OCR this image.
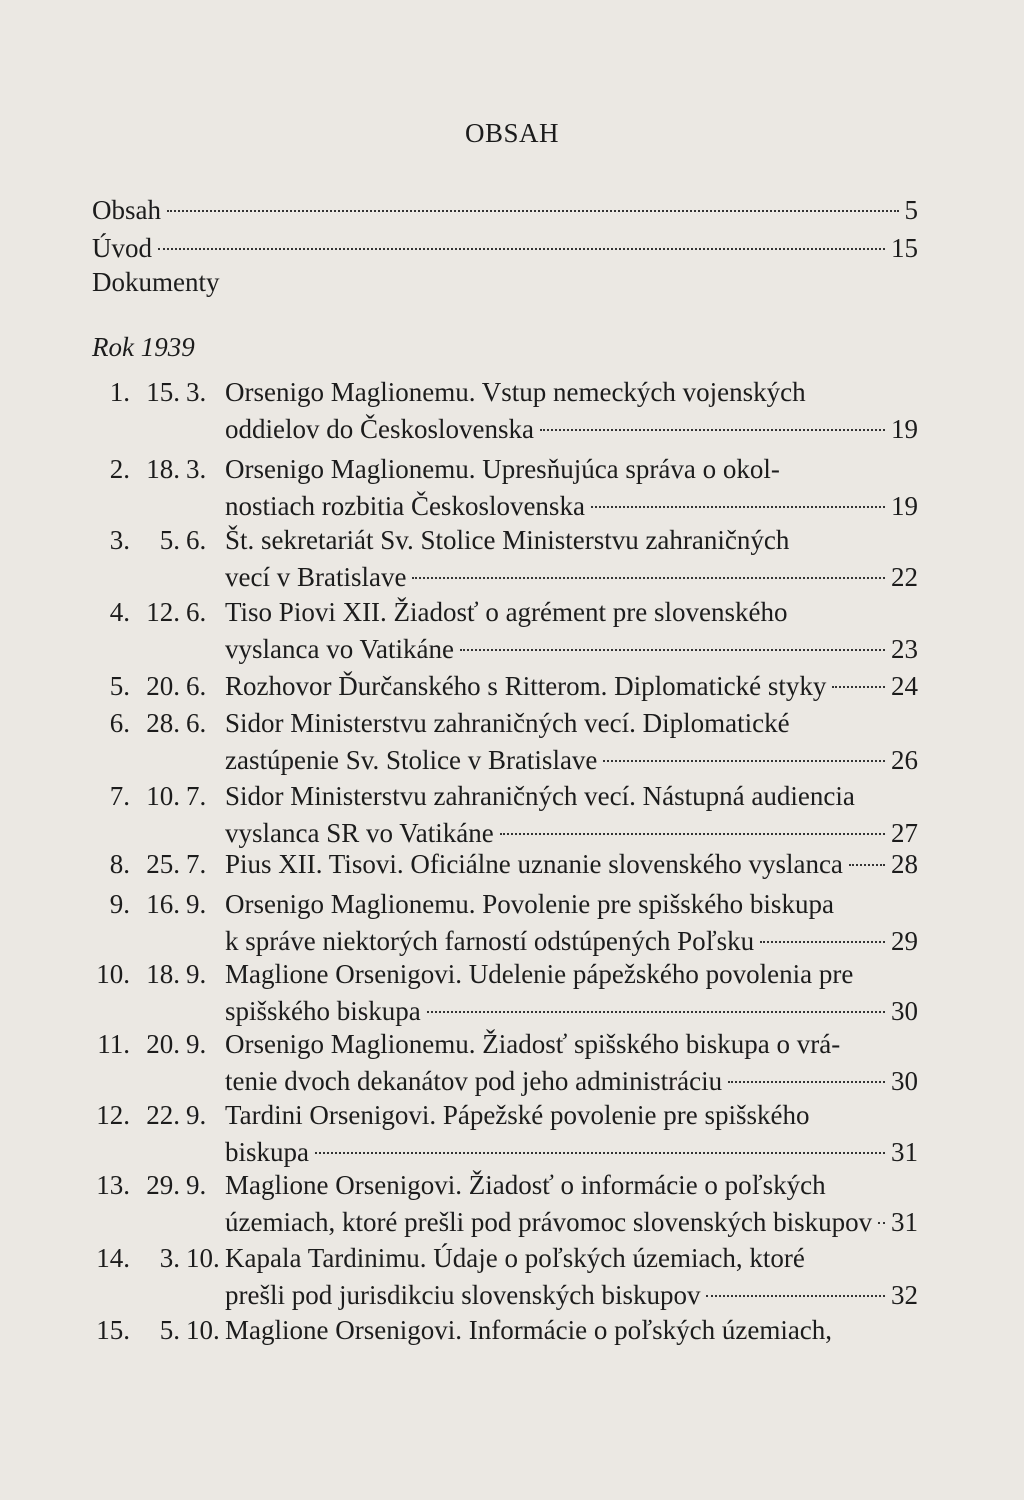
OBSAH
Obsah	5
Úvod	15
Dokumenty
Rok 1939
1. 15. 3. Orsenigo Maglionemu. Vstup nemeckých vojenských
oddielov do Československa	19
2. 18. 3. Orsenigo Maglionemu. Upresňujúca správa o okol-
nostiach rozbitia Československa	19
3.	5. 6. Št. sekretariát Sv. Stolice Ministerstvu zahraničných
vecí v Bratislave	22
4. 12. 6. Tiso Piovi XII. Žiadosť o agrément pre slovenského
vyslanca vo Vatikáne	23
5. 20. 6. Rozhovor Ďurčanského s Ritterom. Diplomatické styky 24
6. 28. 6. Sidor Ministerstvu zahraničných vecí. Diplomatické
zastúpenie Sv. Stolice v Bratislave	26
7. 10. 7. Sidor Ministerstvu zahraničných vecí. Nástupná audiencia
vyslanca SR vo Vatikáne	27
8. 25. 7. Pius XII. Tisovi. Oficiálne uznanie slovenského vyslanca 28
9. 16. 9. Orsenigo Maglionemu. Povolenie pre spišského biskupa
k správe niektorých farností odstúpených Poľsku	29
10. 18. 9. Maglione Orsenigovi. Udelenie pápežského povolenia pre
spišského biskupa	30
11. 20. 9. Orsenigo Maglionemu. Žiadosť spišského biskupa o vrá-
tenie dvoch dekanátov pod jeho administráciu	30
12. 22. 9. Tardini Orsenigovi. Pápežské povolenie pre spišského
biskupa	31
13. 29. 9. Maglione Orsenigovi. Žiadosť o informácie o poľských
územiach, ktoré prešli pod právomoc slovenských biskupov 31
14.	3. 10. Kapala Tardinimu. Údaje o poľských územiach, ktoré
prešli pod jurisdikciu slovenských biskupov	32
15.	5. 10. Maglione Orsenigovi. Informácie o poľských územiach,
